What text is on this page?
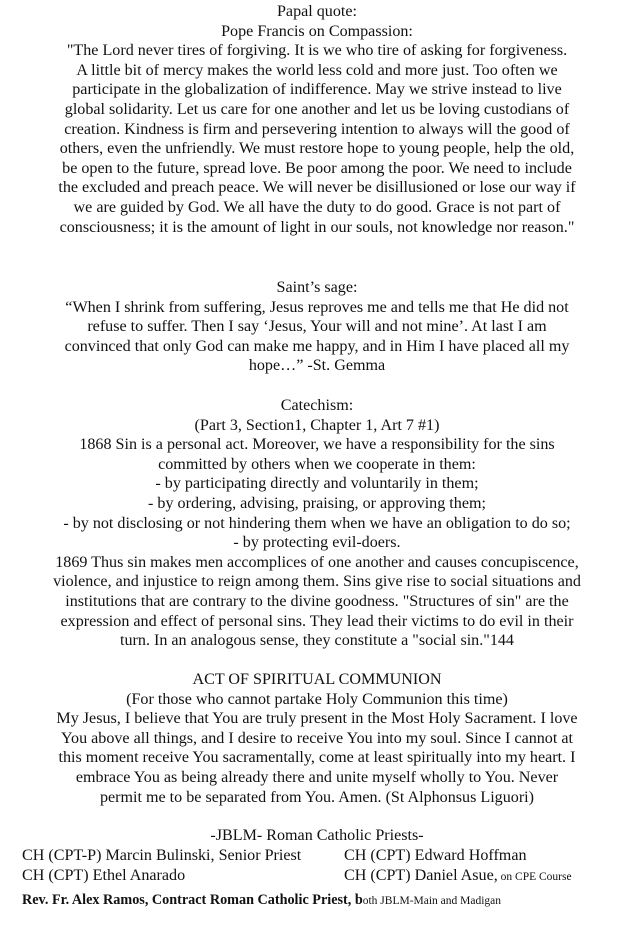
Papal quote:
Pope Francis on Compassion:
"The Lord never tires of forgiving. It is we who tire of asking for forgiveness.
A little bit of mercy makes the world less cold and more just. Too often we
participate in the globalization of indifference. May we strive instead to live
global solidarity. Let us care for one another and let us be loving custodians of
creation. Kindness is firm and persevering intention to always will the good of
others, even the unfriendly. We must restore hope to young people, help the old,
be open to the future, spread love. Be poor among the poor. We need to include
the excluded and preach peace. We will never be disillusioned or lose our way if
we are guided by God. We all have the duty to do good. Grace is not part of
consciousness; it is the amount of light in our souls, not knowledge nor reason."
Saint’s sage:
“When I shrink from suffering, Jesus reproves me and tells me that He did not
refuse to suffer. Then I say ‘Jesus, Your will and not mine’. At last I am
convinced that only God can make me happy, and in Him I have placed all my
hope…” -St. Gemma
Catechism:
(Part 3, Section1, Chapter 1, Art 7 #1)
1868 Sin is a personal act. Moreover, we have a responsibility for the sins
committed by others when we cooperate in them:
- by participating directly and voluntarily in them;
- by ordering, advising, praising, or approving them;
- by not disclosing or not hindering them when we have an obligation to do so;
- by protecting evil-doers.
1869 Thus sin makes men accomplices of one another and causes concupiscence,
violence, and injustice to reign among them. Sins give rise to social situations and
institutions that are contrary to the divine goodness. "Structures of sin" are the
expression and effect of personal sins. They lead their victims to do evil in their
turn. In an analogous sense, they constitute a "social sin."144
ACT OF SPIRITUAL COMMUNION
(For those who cannot partake Holy Communion this time)
My Jesus, I believe that You are truly present in the Most Holy Sacrament. I love
You above all things, and I desire to receive You into my soul. Since I cannot at
this moment receive You sacramentally, come at least spiritually into my heart. I
embrace You as being already there and unite myself wholly to You. Never
permit me to be separated from You. Amen. (St Alphonsus Liguori)
-JBLM- Roman Catholic Priests-
CH (CPT-P) Marcin Bulinski, Senior Priest	CH (CPT) Edward Hoffman
CH (CPT) Ethel Anarado	CH (CPT) Daniel Asue, on CPE Course
Rev. Fr. Alex Ramos, Contract Roman Catholic Priest, both JBLM-Main and Madigan
